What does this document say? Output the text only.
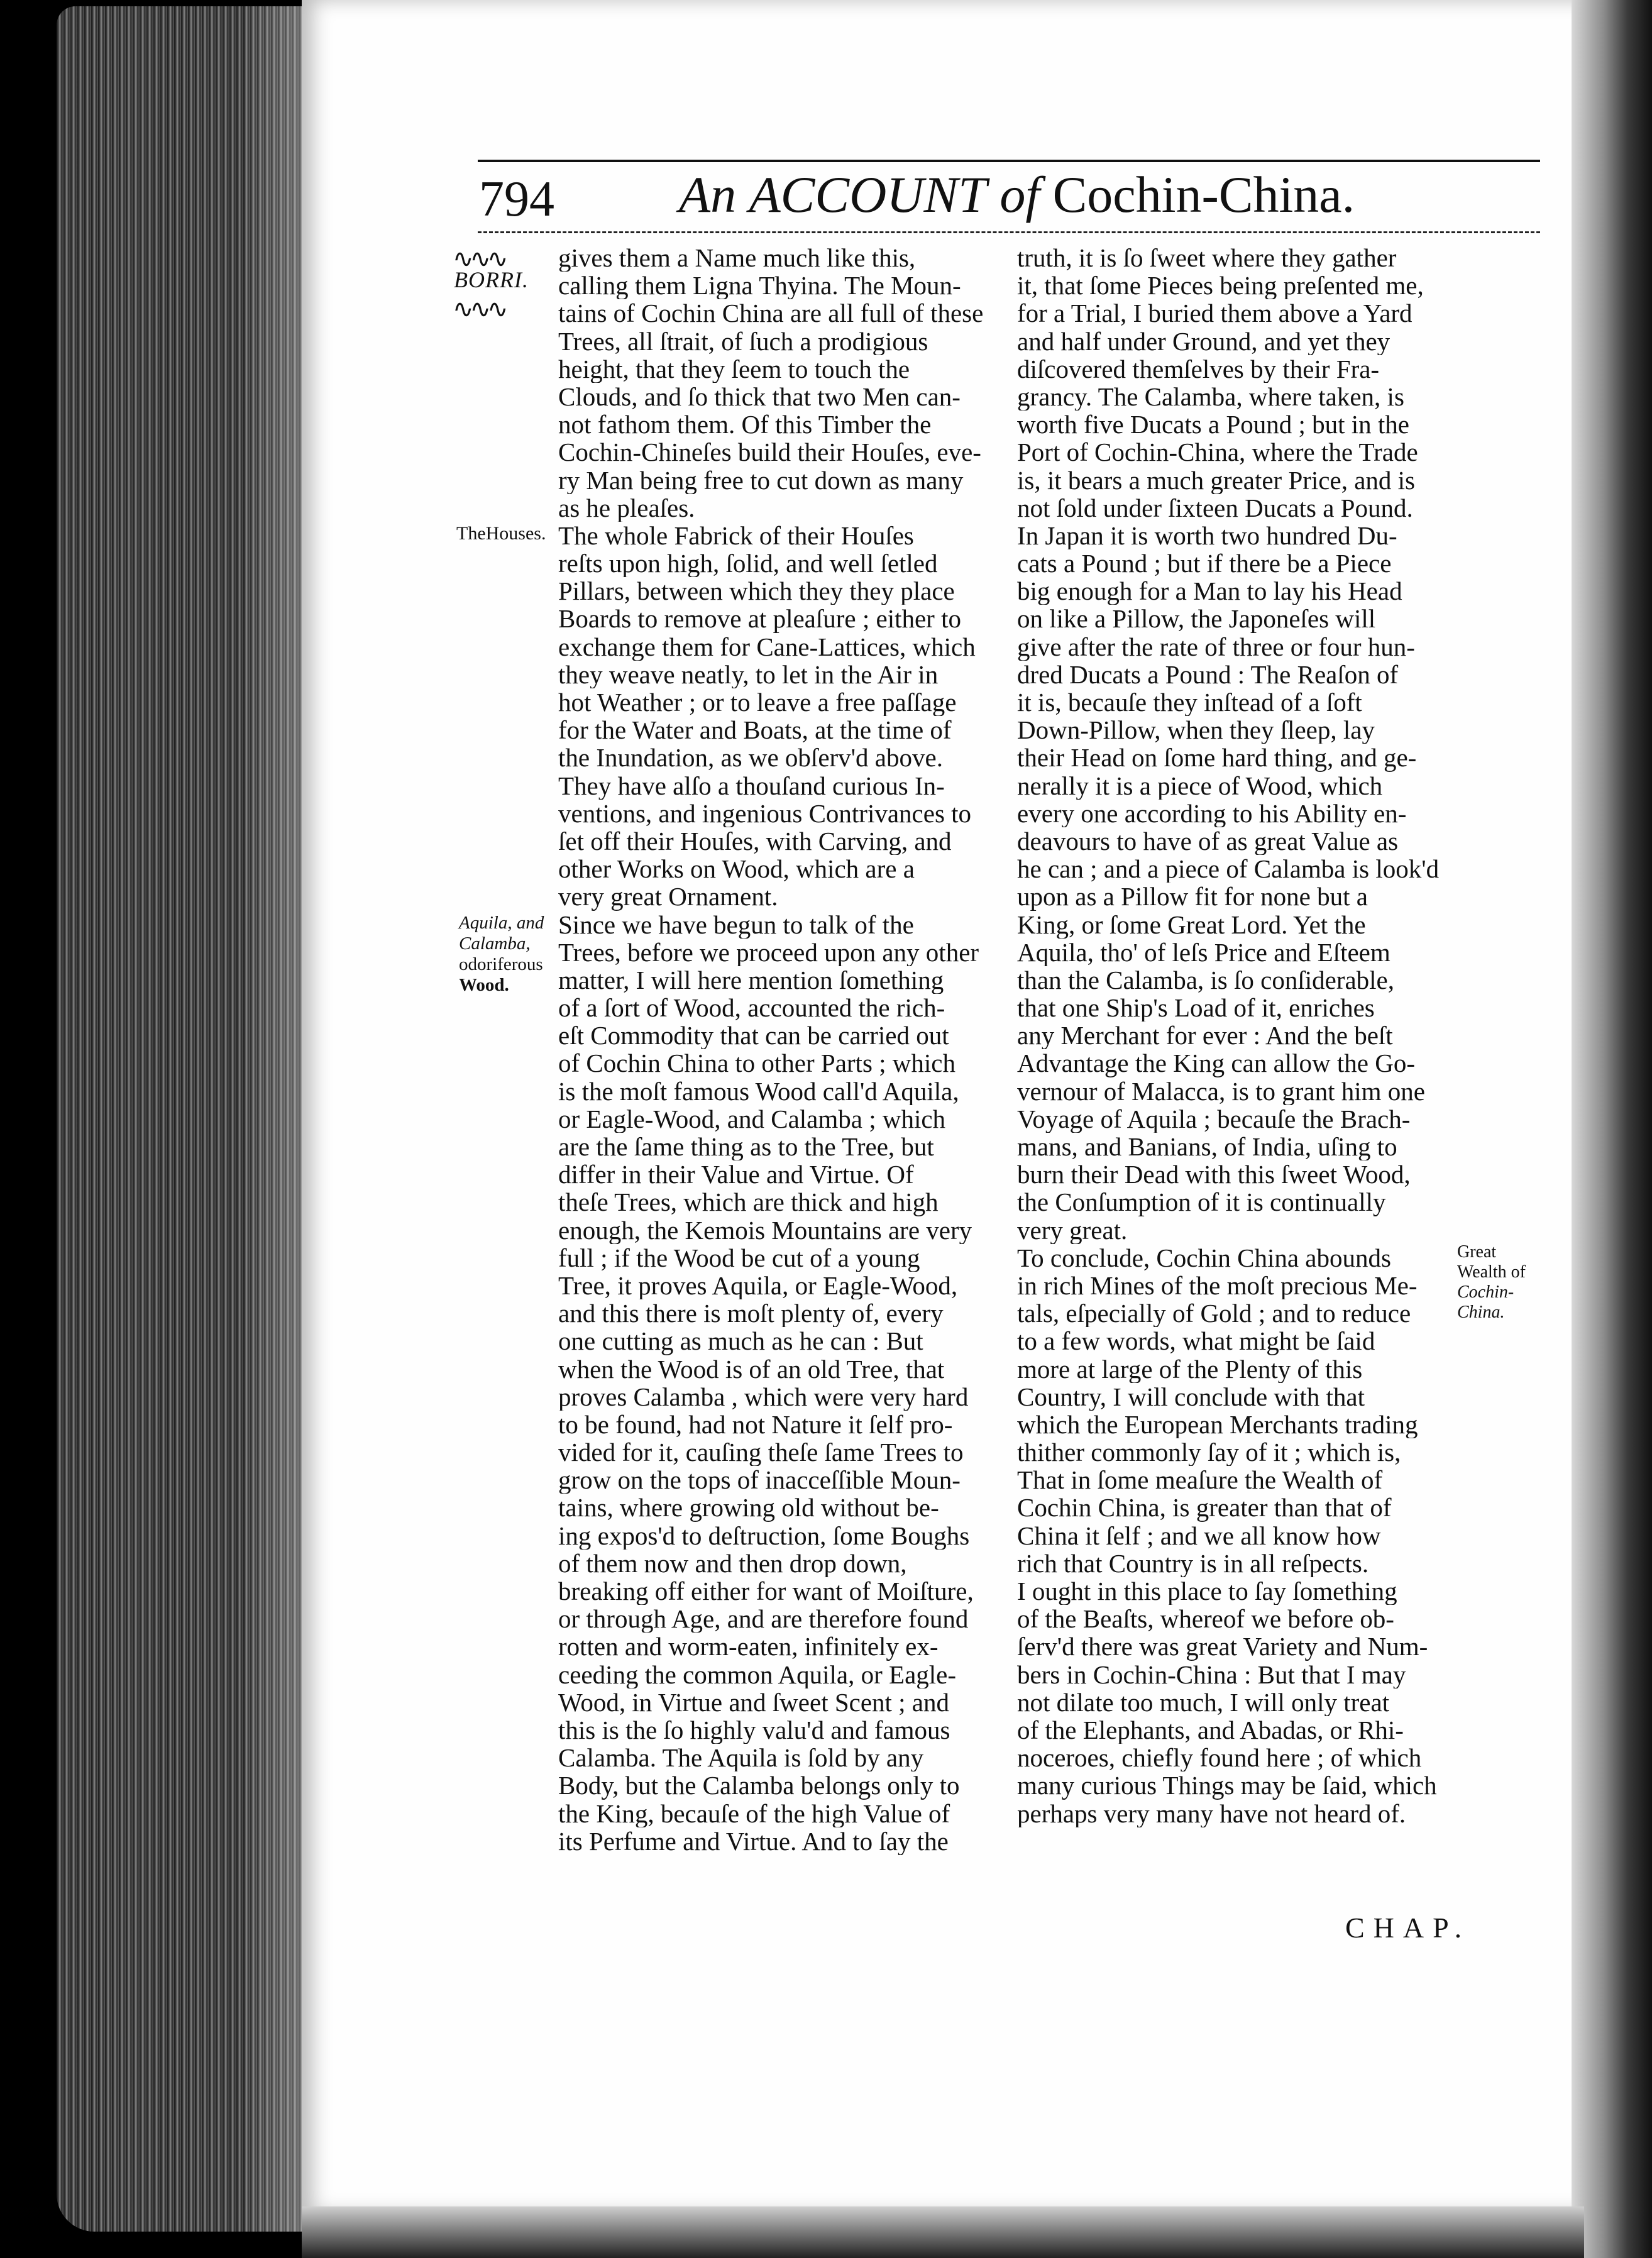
794 An ACCOUNT of Cochin-China.
∿∿∿
BORRI.
∿∿∿
TheHouses.
Aquila, and
Calamba,
odoriferous
Wood.
Great
Wealth of
Cochin-
China.
gives them a Name much like this,
calling them Ligna Thyina. The Moun-
tains of Cochin China are all full of these
Trees, all ſtrait, of ſuch a prodigious
height, that they ſeem to touch the
Clouds, and ſo thick that two Men can-
not fathom them. Of this Timber the
Cochin-Chineſes build their Houſes, eve-
ry Man being free to cut down as many
as he pleaſes.
The whole Fabrick of their Houſes
reſts upon high, ſolid, and well ſetled
Pillars, between which they they place
Boards to remove at pleaſure ; either to
exchange them for Cane-Lattices, which
they weave neatly, to let in the Air in
hot Weather ; or to leave a free paſſage
for the Water and Boats, at the time of
the Inundation, as we obſerv'd above.
They have alſo a thouſand curious In-
ventions, and ingenious Contrivances to
ſet off their Houſes, with Carving, and
other Works on Wood, which are a
very great Ornament.
Since we have begun to talk of the
Trees, before we proceed upon any other
matter, I will here mention ſomething
of a ſort of Wood, accounted the rich-
eſt Commodity that can be carried out
of Cochin China to other Parts ; which
is the moſt famous Wood call'd Aquila,
or Eagle-Wood, and Calamba ; which
are the ſame thing as to the Tree, but
differ in their Value and Virtue. Of
theſe Trees, which are thick and high
enough, the Kemois Mountains are very
full ; if the Wood be cut of a young
Tree, it proves Aquila, or Eagle-Wood,
and this there is moſt plenty of, every
one cutting as much as he can : But
when the Wood is of an old Tree, that
proves Calamba , which were very hard
to be found, had not Nature it ſelf pro-
vided for it, cauſing theſe ſame Trees to
grow on the tops of inacceſſible Moun-
tains, where growing old without be-
ing expos'd to deſtruction, ſome Boughs
of them now and then drop down,
breaking off either for want of Moiſture,
or through Age, and are therefore found
rotten and worm-eaten, infinitely ex-
ceeding the common Aquila, or Eagle-
Wood, in Virtue and ſweet Scent ; and
this is the ſo highly valu'd and famous
Calamba. The Aquila is ſold by any
Body, but the Calamba belongs only to
the King, becauſe of the high Value of
its Perfume and Virtue. And to ſay the
truth, it is ſo ſweet where they gather
it, that ſome Pieces being preſented me,
for a Trial, I buried them above a Yard
and half under Ground, and yet they
diſcovered themſelves by their Fra-
grancy. The Calamba, where taken, is
worth five Ducats a Pound ; but in the
Port of Cochin-China, where the Trade
is, it bears a much greater Price, and is
not ſold under ſixteen Ducats a Pound.
In Japan it is worth two hundred Du-
cats a Pound ; but if there be a Piece
big enough for a Man to lay his Head
on like a Pillow, the Japoneſes will
give after the rate of three or four hun-
dred Ducats a Pound : The Reaſon of
it is, becauſe they inſtead of a ſoft
Down-Pillow, when they ſleep, lay
their Head on ſome hard thing, and ge-
nerally it is a piece of Wood, which
every one according to his Ability en-
deavours to have of as great Value as
he can ; and a piece of Calamba is look'd
upon as a Pillow fit for none but a
King, or ſome Great Lord. Yet the
Aquila, tho' of leſs Price and Eſteem
than the Calamba, is ſo conſiderable,
that one Ship's Load of it, enriches
any Merchant for ever : And the beſt
Advantage the King can allow the Go-
vernour of Malacca, is to grant him one
Voyage of Aquila ; becauſe the Brach-
mans, and Banians, of India, uſing to
burn their Dead with this ſweet Wood,
the Conſumption of it is continually
very great.
To conclude, Cochin China abounds
in rich Mines of the moſt precious Me-
tals, eſpecially of Gold ; and to reduce
to a few words, what might be ſaid
more at large of the Plenty of this
Country, I will conclude with that
which the European Merchants trading
thither commonly ſay of it ; which is,
That in ſome meaſure the Wealth of
Cochin China, is greater than that of
China it ſelf ; and we all know how
rich that Country is in all reſpects.
I ought in this place to ſay ſomething
of the Beaſts, whereof we before ob-
ſerv'd there was great Variety and Num-
bers in Cochin-China : But that I may
not dilate too much, I will only treat
of the Elephants, and Abadas, or Rhi-
noceroes, chiefly found here ; of which
many curious Things may be ſaid, which
perhaps very many have not heard of.
CHAP.
